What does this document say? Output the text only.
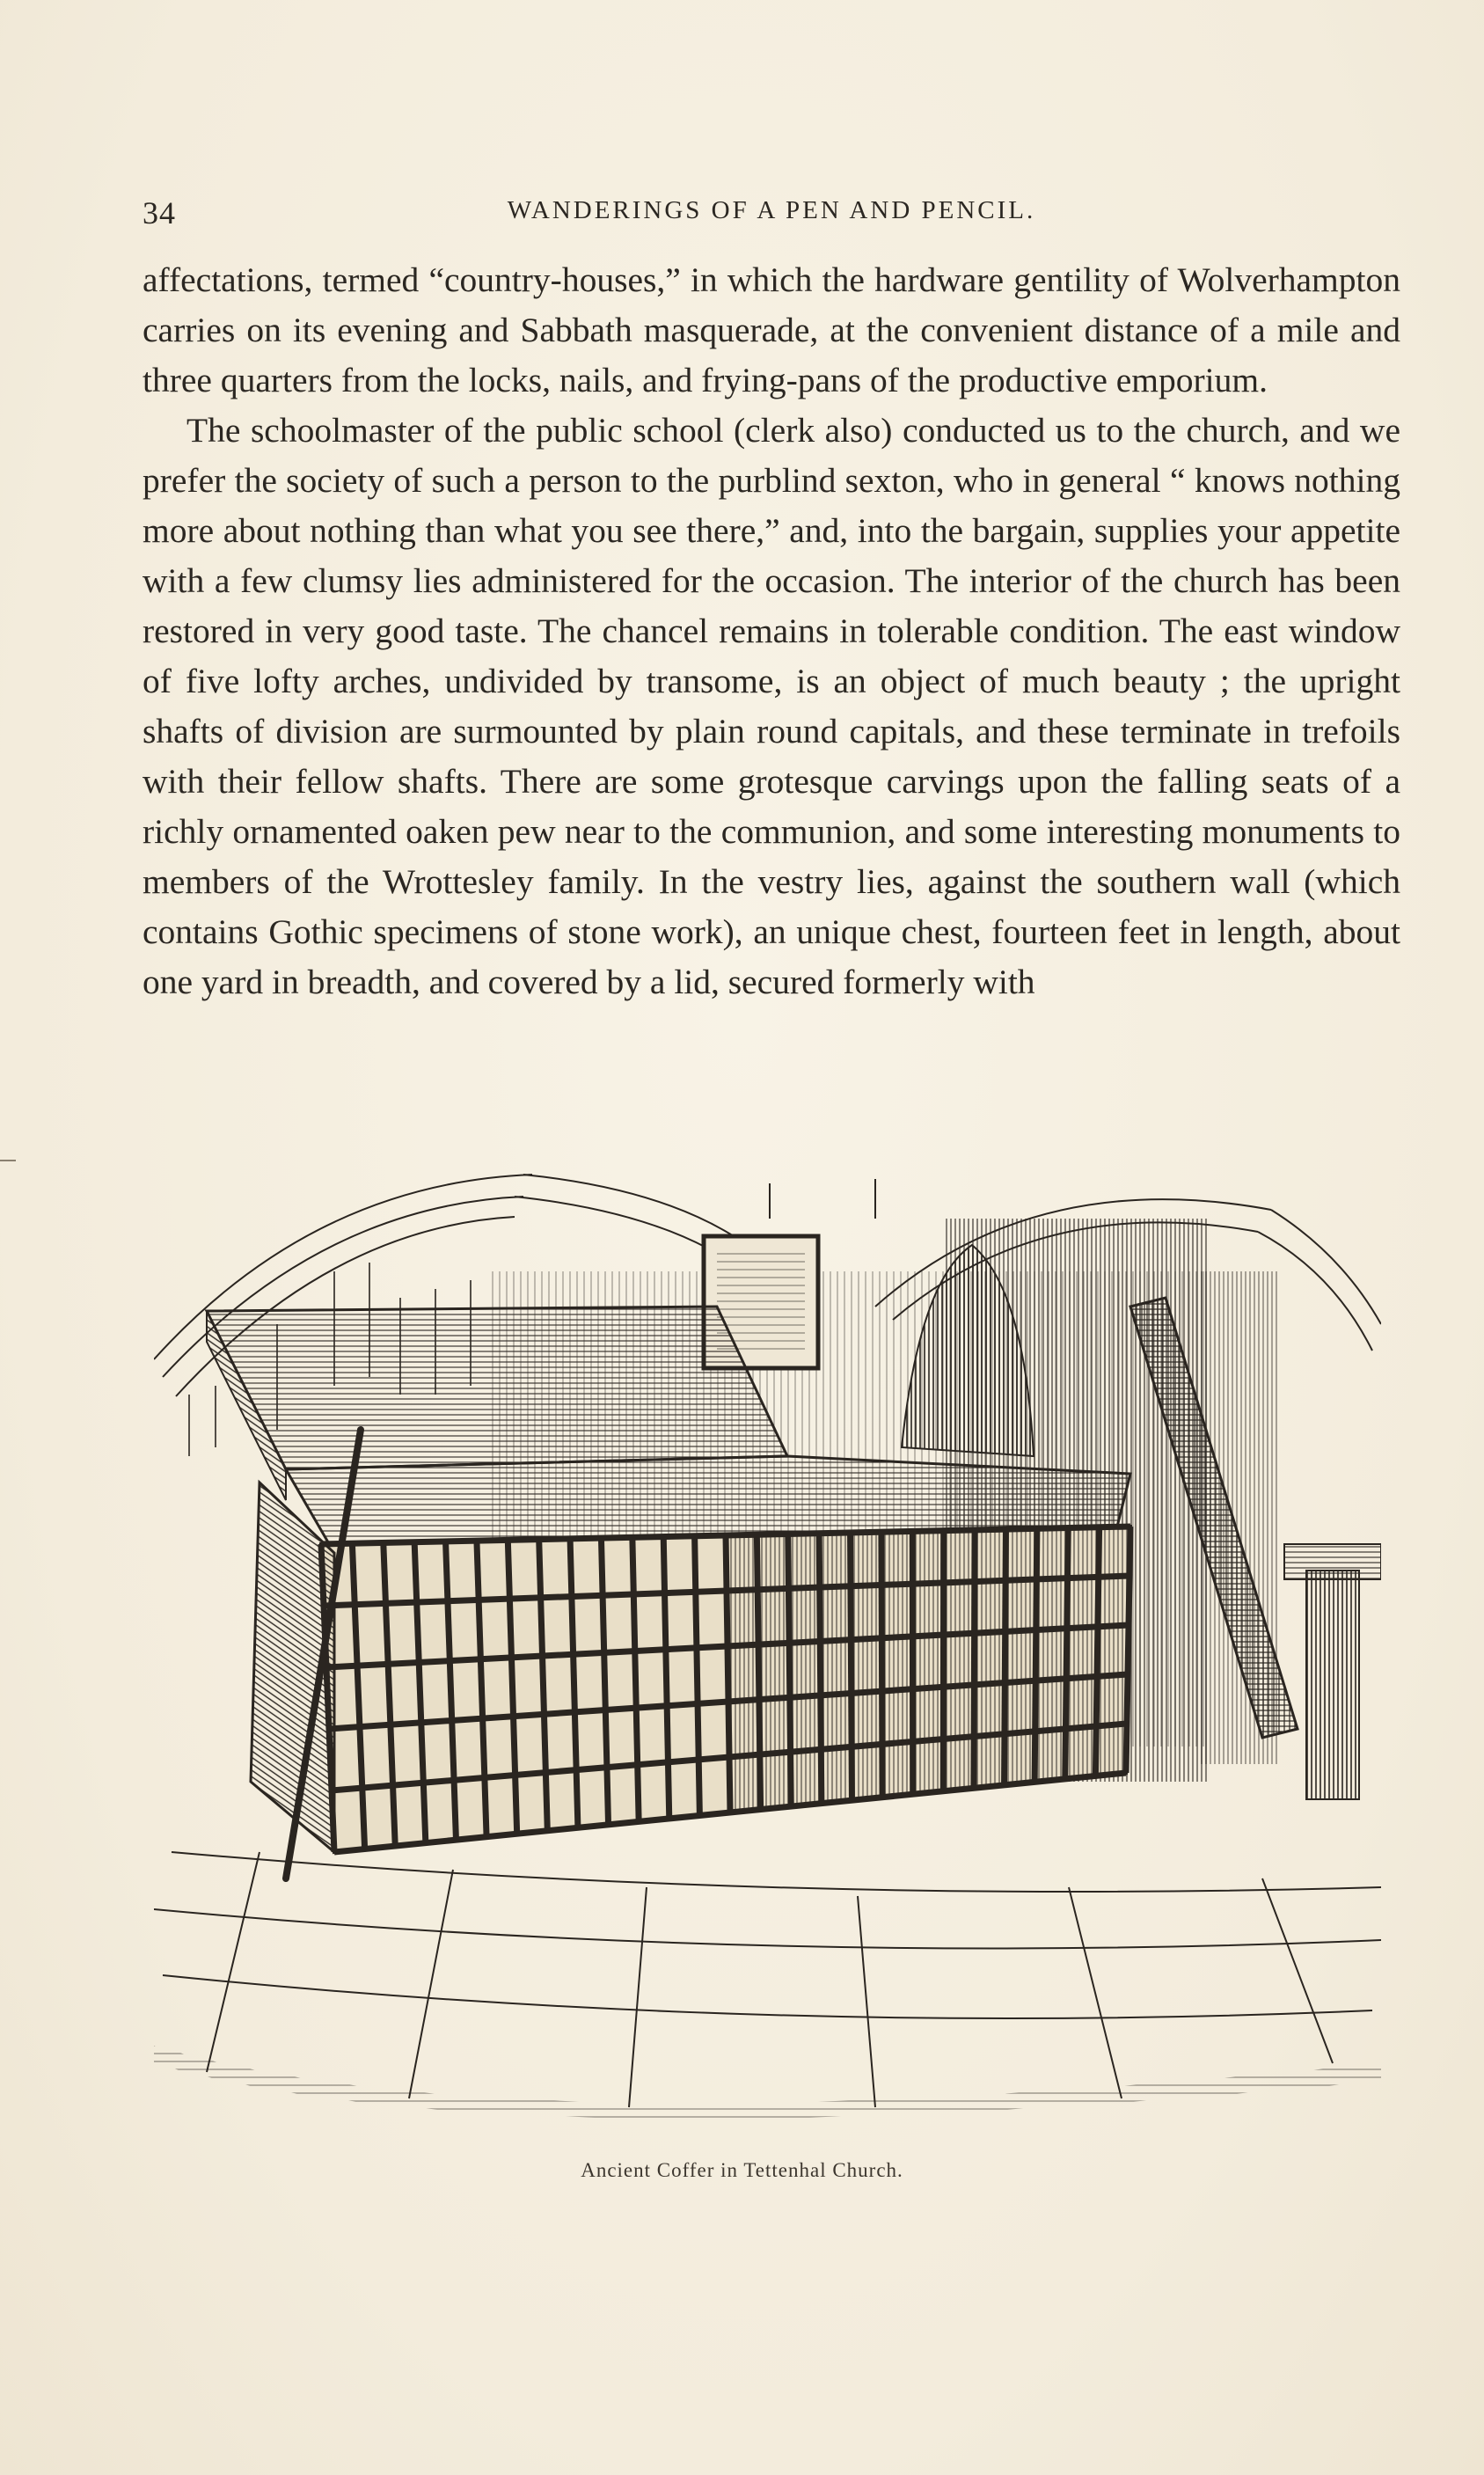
34	WANDERINGS OF A PEN AND PENCIL.

affectations, termed “country-houses,” in which the hardware gentility of Wolverhampton carries on its evening and Sabbath masquerade, at the convenient distance of a mile and three quarters from the locks, nails, and frying-pans of the productive emporium.

The schoolmaster of the public school (clerk also) conducted us to the church, and we prefer the society of such a person to the purblind sexton, who in general “ knows nothing more about nothing than what you see there,” and, into the bargain, supplies your appetite with a few clumsy lies administered for the occasion. The interior of the church has been restored in very good taste. The chancel remains in tolerable condition. The east window of five lofty arches, undivided by transome, is an object of much beauty ; the upright shafts of division are surmounted by plain round capitals, and these terminate in trefoils with their fellow shafts. There are some grotesque carvings upon the falling seats of a richly ornamented oaken pew near to the communion, and some interesting monuments to members of the Wrottesley family. In the vestry lies, against the southern wall (which contains Gothic specimens of stone work), an unique chest, fourteen feet in length, about one yard in breadth, and covered by a lid, secured formerly with

Ancient Coffer in Tettenhal Church.
